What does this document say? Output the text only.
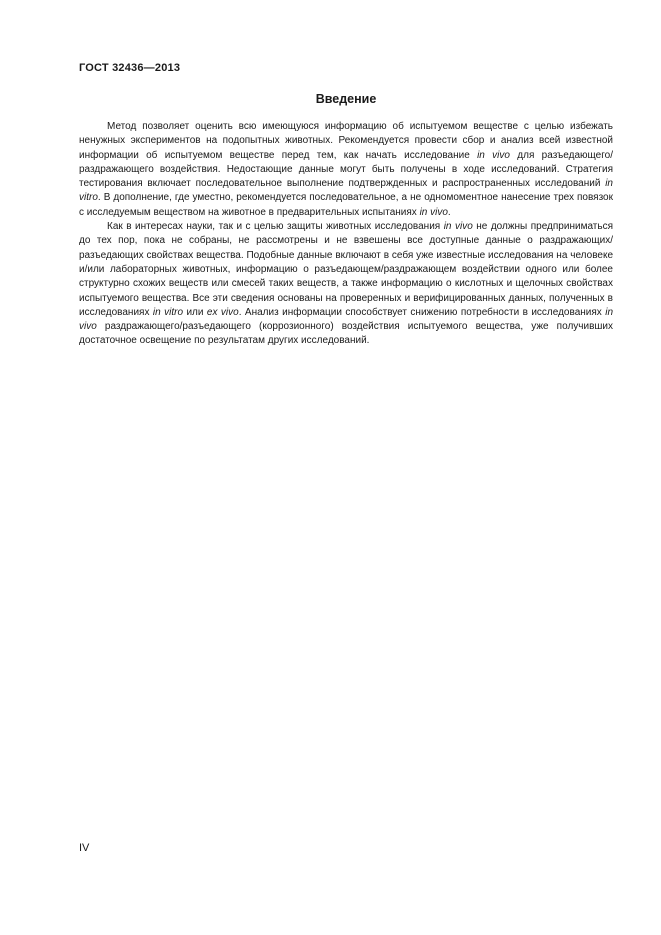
ГОСТ 32436—2013
Введение

Метод позволяет оценить всю имеющуюся информацию об испытуемом веществе с целью избежать ненужных экспериментов на подопытных животных. Рекомендуется провести сбор и анализ всей известной информации об испытуемом веществе перед тем, как начать исследование in vivo для разъедающего/раздражающего воздействия. Недостающие данные могут быть получены в ходе исследований. Стратегия тестирования включает последовательное выполнение подтвержденных и распространенных исследований in vitro. В дополнение, где уместно, рекомендуется последовательное, а не одномоментное нанесение трех повязок с исследуемым веществом на животное в предварительных испытаниях in vivo.

Как в интересах науки, так и с целью защиты животных исследования in vivo не должны предприниматься до тех пор, пока не собраны, не рассмотрены и не взвешены все доступные данные о раздражающих/разъедающих свойствах вещества. Подобные данные включают в себя уже известные исследования на человеке и/или лабораторных животных, информацию о разъедающем/раздражающем воздействии одного или более структурно схожих веществ или смесей таких веществ, а также информацию о кислотных и щелочных свойствах испытуемого вещества. Все эти сведения основаны на проверенных и верифицированных данных, полученных в исследованиях in vitro или ex vivo. Анализ информации способствует снижению потребности в исследованиях in vivo раздражающего/разъедающего (коррозионного) воздействия испытуемого вещества, уже получивших достаточное освещение по результатам других исследований.

IV
